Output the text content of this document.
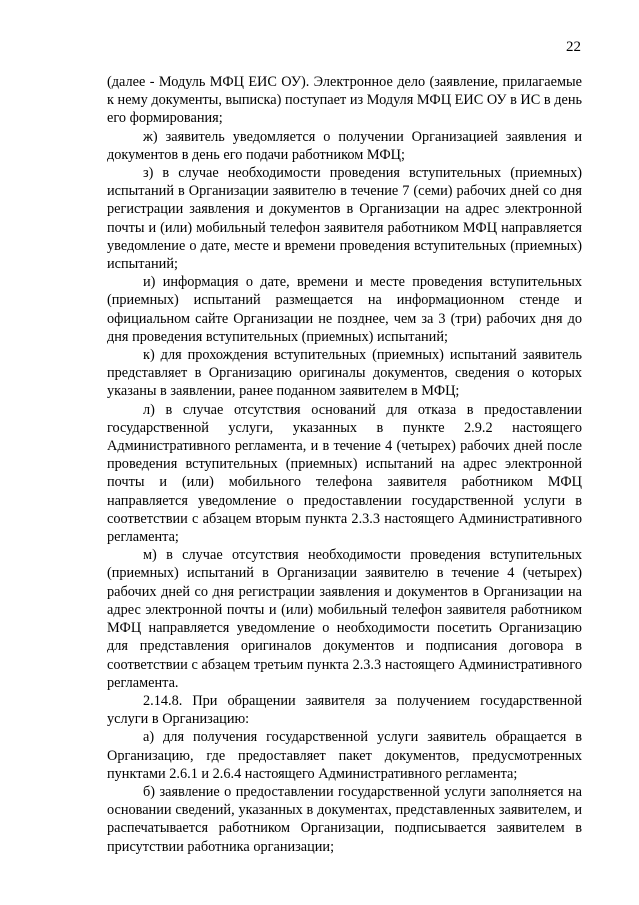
22

(далее - Модуль МФЦ ЕИС ОУ). Электронное дело (заявление, прилагаемые к нему документы, выписка) поступает из Модуля МФЦ ЕИС ОУ в ИС в день его формирования;

ж) заявитель уведомляется о получении Организацией заявления и документов в день его подачи работником МФЦ;

з) в случае необходимости проведения вступительных (приемных) испытаний в Организации заявителю в течение 7 (семи) рабочих дней со дня регистрации заявления и документов в Организации на адрес электронной почты и (или) мобильный телефон заявителя работником МФЦ направляется уведомление о дате, месте и времени проведения вступительных (приемных) испытаний;

и) информация о дате, времени и месте проведения вступительных (приемных) испытаний размещается на информационном стенде и официальном сайте Организации не позднее, чем за 3 (три) рабочих дня до дня проведения вступительных (приемных) испытаний;

к) для прохождения вступительных (приемных) испытаний заявитель представляет в Организацию оригиналы документов, сведения о которых указаны в заявлении, ранее поданном заявителем в МФЦ;

л) в случае отсутствия оснований для отказа в предоставлении государственной услуги, указанных в пункте 2.9.2 настоящего Административного регламента, и в течение 4 (четырех) рабочих дней после проведения вступительных (приемных) испытаний на адрес электронной почты и (или) мобильного телефона заявителя работником МФЦ направляется уведомление о предоставлении государственной услуги в соответствии с абзацем вторым пункта 2.3.3 настоящего Административного регламента;

м) в случае отсутствия необходимости проведения вступительных (приемных) испытаний в Организации заявителю в течение 4 (четырех) рабочих дней со дня регистрации заявления и документов в Организации на адрес электронной почты и (или) мобильный телефон заявителя работником МФЦ направляется уведомление о необходимости посетить Организацию для представления оригиналов документов и подписания договора в соответствии с абзацем третьим пункта 2.3.3 настоящего Административного регламента.

2.14.8. При обращении заявителя за получением государственной услуги в Организацию:

а) для получения государственной услуги заявитель обращается в Организацию, где предоставляет пакет документов, предусмотренных пунктами 2.6.1 и 2.6.4 настоящего Административного регламента;

б) заявление о предоставлении государственной услуги заполняется на основании сведений, указанных в документах, представленных заявителем, и распечатывается работником Организации, подписывается заявителем в присутствии работника организации;
